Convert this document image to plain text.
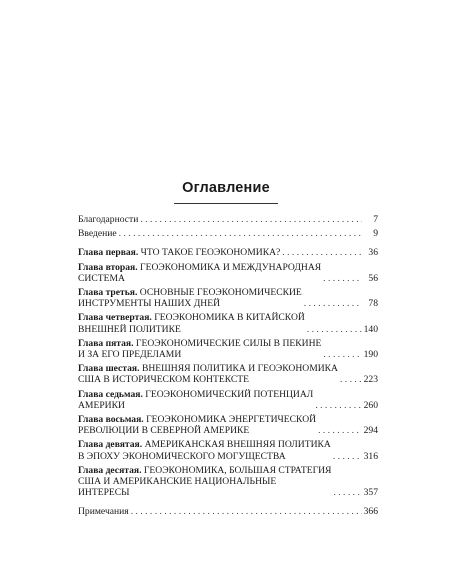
Оглавление
Благодарности . . .	7
Введение . . .	9
Глава первая. ЧТО ТАКОЕ ГЕОЭКОНОМИКА? . . .	36
Глава вторая. ГЕОЭКОНОМИКА И МЕЖДУНАРОДНАЯ
СИСТЕМА . . .	56
Глава третья. ОСНОВНЫЕ ГЕОЭКОНОМИЧЕСКИЕ
ИНСТРУМЕНТЫ НАШИХ ДНЕЙ . . .	78
Глава четвертая. ГЕОЭКОНОМИКА В КИТАЙСКОЙ
ВНЕШНЕЙ ПОЛИТИКЕ . . .	140
Глава пятая. ГЕОЭКОНОМИЧЕСКИЕ СИЛЫ В ПЕКИНЕ
И ЗА ЕГО ПРЕДЕЛАМИ . . .	190
Глава шестая. ВНЕШНЯЯ ПОЛИТИКА И ГЕОЭКОНОМИКА
США В ИСТОРИЧЕСКОМ КОНТЕКСТЕ . . .	223
Глава седьмая. ГЕОЭКОНОМИЧЕСКИЙ ПОТЕНЦИАЛ
АМЕРИКИ . . .	260
Глава восьмая. ГЕОЭКОНОМИКА ЭНЕРГЕТИЧЕСКОЙ
РЕВОЛЮЦИИ В СЕВЕРНОЙ АМЕРИКЕ . . .	294
Глава девятая. АМЕРИКАНСКАЯ ВНЕШНЯЯ ПОЛИТИКА
В ЭПОХУ ЭКОНОМИЧЕСКОГО МОГУЩЕСТВА . . .	316
Глава десятая. ГЕОЭКОНОМИКА, БОЛЬШАЯ СТРАТЕГИЯ
США И АМЕРИКАНСКИЕ НАЦИОНАЛЬНЫЕ
ИНТЕРЕСЫ . . .	357
Примечания . . .	366
